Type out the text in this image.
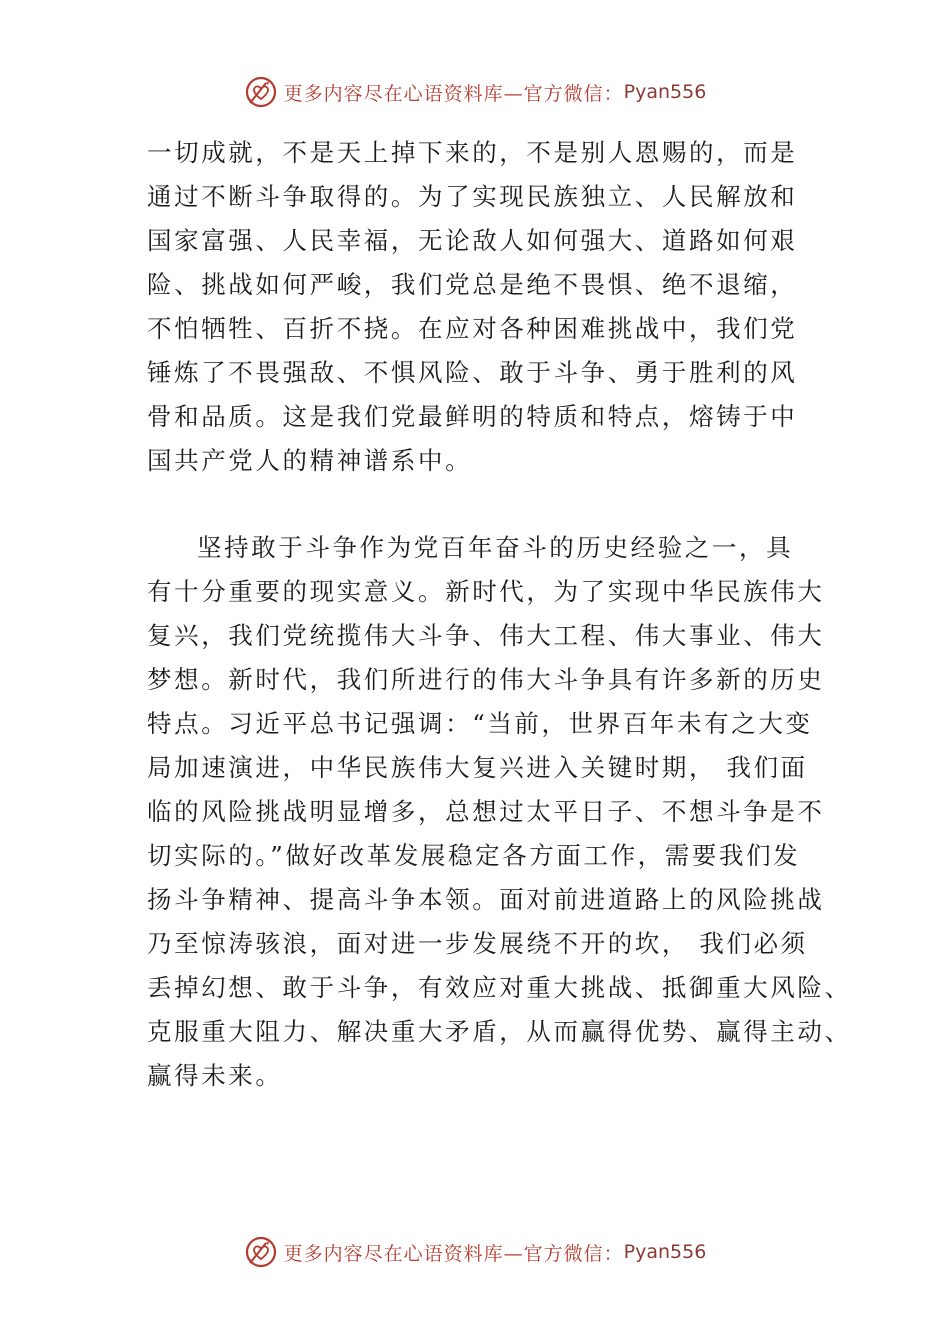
更多内容尽在心语资料库—官方微信： Pyan556
一切成就，不是天上掉下来的，不是别人恩赐的，而是
通过不断斗争取得的。为了实现民族独立、人民解放和
国家富强、人民幸福，无论敌人如何强大、道路如何艰
险、挑战如何严峻，我们党总是绝不畏惧、绝不退缩，
不怕牺牲、百折不挠。在应对各种困难挑战中，我们党
锤炼了不畏强敌、不惧风险、敢于斗争、勇于胜利的风
骨和品质。这是我们党最鲜明的特质和特点，熔铸于中
国共产党人的精神谱系中。
坚持敢于斗争作为党百年奋斗的历史经验之一，具
有十分重要的现实意义。新时代，为了实现中华民族伟大
复兴，我们党统揽伟大斗争、伟大工程、伟大事业、伟大
梦想。新时代，我们所进行的伟大斗争具有许多新的历史
特点。习近平总书记强调：“当前，世界百年未有之大变
局加速演进，中华民族伟大复兴进入关键时期， 我们面
临的风险挑战明显增多，总想过太平日子、不想斗争是不
切实际的。”做好改革发展稳定各方面工作，需要我们发
扬斗争精神、提高斗争本领。面对前进道路上的风险挑战
乃至惊涛骇浪，面对进一步发展绕不开的坎， 我们必须
丢掉幻想、敢于斗争，有效应对重大挑战、抵御重大风险、
克服重大阻力、解决重大矛盾，从而赢得优势、赢得主动、
赢得未来。
更多内容尽在心语资料库—官方微信： Pyan556
